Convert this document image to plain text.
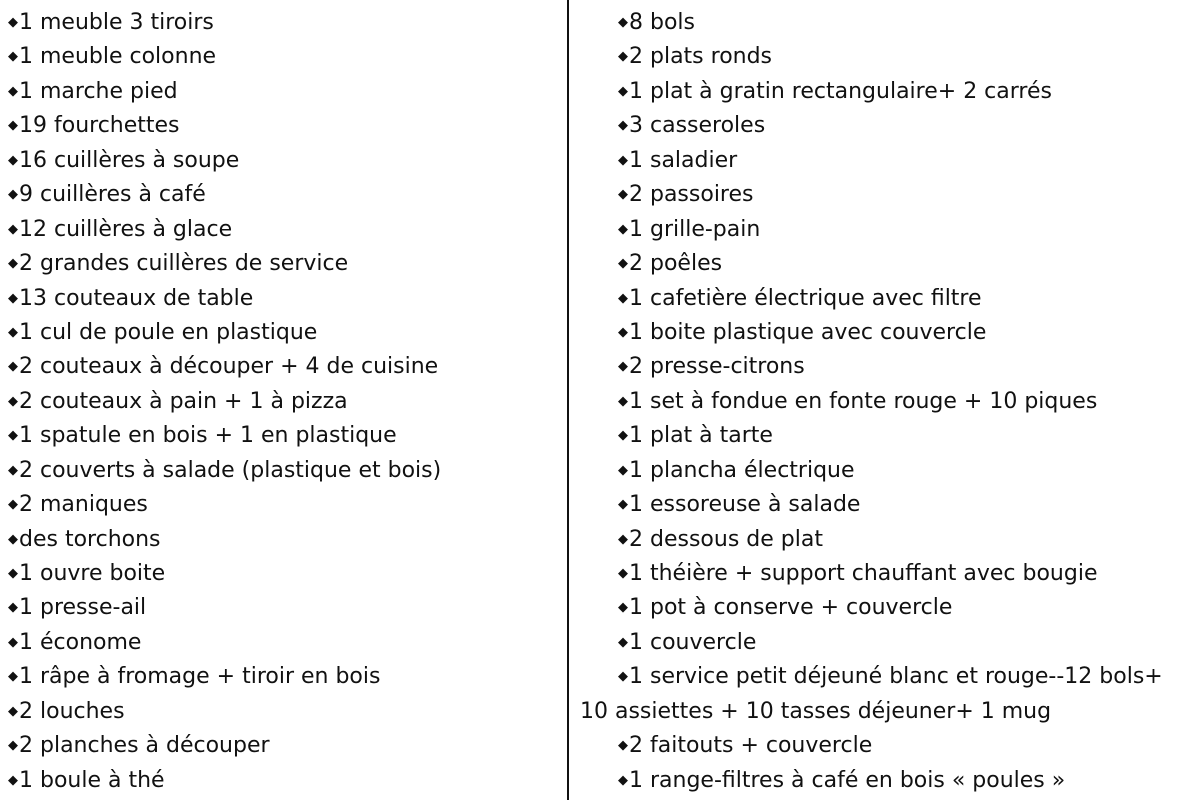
◆1 meuble 3 tiroirs
◆1 meuble colonne
◆1 marche pied
◆19 fourchettes
◆16 cuillères à soupe
◆9 cuillères à café
◆12 cuillères à glace
◆2 grandes cuillères de service
◆13 couteaux de table
◆1 cul de poule en plastique
◆2 couteaux à découper + 4 de cuisine
◆2 couteaux à pain + 1 à pizza
◆1 spatule en bois + 1 en plastique
◆2 couverts à salade (plastique et bois)
◆2 maniques
◆des torchons
◆1 ouvre boite
◆1 presse-ail
◆1 économe
◆1 râpe à fromage + tiroir en bois
◆2 louches
◆2 planches à découper
◆1 boule à thé
◆8 bols
◆2 plats ronds
◆1 plat à gratin rectangulaire+ 2 carrés
◆3 casseroles
◆1 saladier
◆2 passoires
◆1 grille-pain
◆2 poêles
◆1 cafetière électrique avec filtre
◆1 boite plastique avec couvercle
◆2 presse-citrons
◆1 set à fondue en fonte rouge + 10 piques
◆1 plat à tarte
◆1 plancha électrique
◆1 essoreuse à salade
◆2 dessous de plat
◆1 théière + support chauffant avec bougie
◆1 pot à conserve + couvercle
◆1 couvercle
◆1 service petit déjeuné blanc et rouge--12 bols+
10 assiettes + 10 tasses déjeuner+ 1 mug
◆2 faitouts + couvercle
◆1 range-filtres à café en bois « poules »
